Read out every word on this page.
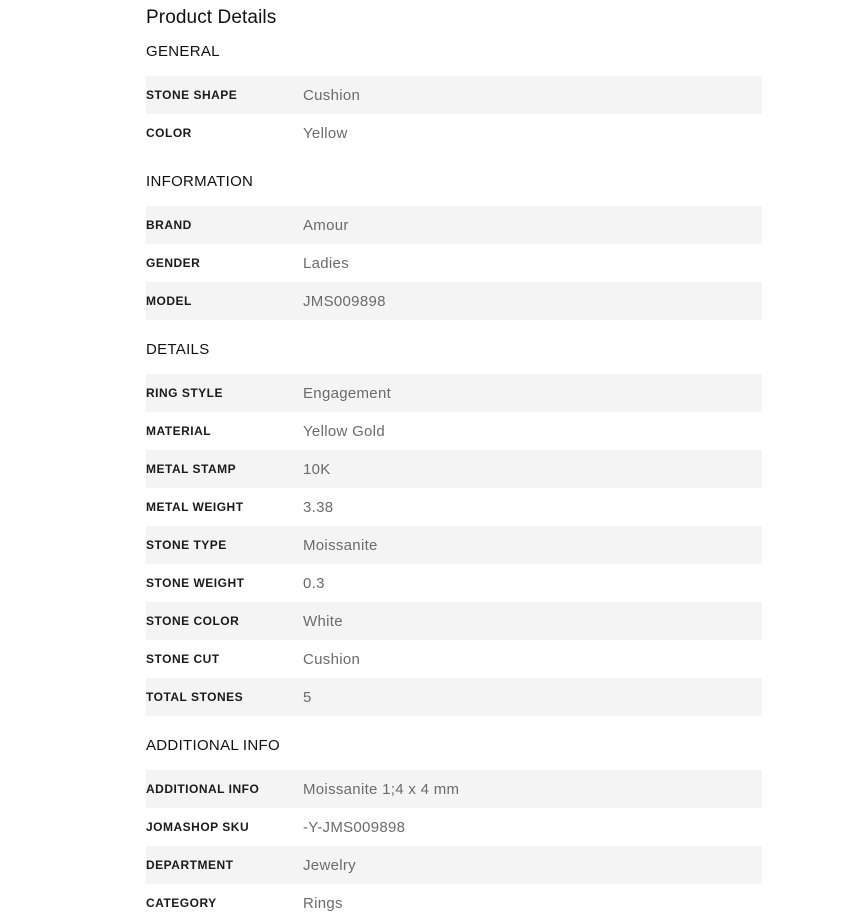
Product Details
GENERAL
STONE SHAPE	Cushion
COLOR	Yellow
INFORMATION
BRAND	Amour
GENDER	Ladies
MODEL	JMS009898
DETAILS
RING STYLE	Engagement
MATERIAL	Yellow Gold
METAL STAMP	10K
METAL WEIGHT	3.38
STONE TYPE	Moissanite
STONE WEIGHT	0.3
STONE COLOR	White
STONE CUT	Cushion
TOTAL STONES	5
ADDITIONAL INFO
ADDITIONAL INFO	Moissanite 1;4 x 4 mm
JOMASHOP SKU	-Y-JMS009898
DEPARTMENT	Jewelry
CATEGORY	Rings
